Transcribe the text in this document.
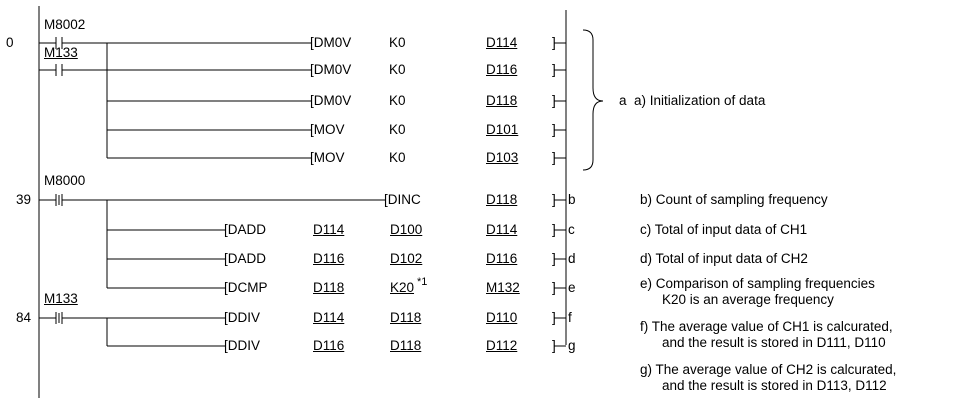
0
39
84
M8002
M133
M8000
M133
[DM0V	K0	D114	]
[DM0V	K0	D116	]
[DM0V	K0	D118	]
[MOV	K0	D101 ]
[MOV	K0	D103 ]
[DINC	D118	]
[DADD	D114	D100	D114	]
[DADD	D116	D102	D116	]
[DCMP	D118	K20 *1	M132 ]
[DDIV	D114	D118	D110	]
[DDIV	D116	D118	D112	]
a
b
c
d
e
f
g
a) Initialization of data
b) Count of sampling frequency
c) Total of input data of CH1
d) Total of input data of CH2
e) Comparison of sampling frequencies
K20 is an average frequency
f) The average value of CH1 is calcurated,
and the result is stored in D111, D110
g) The average value of CH2 is calcurated,
and the result is stored in D113, D112
